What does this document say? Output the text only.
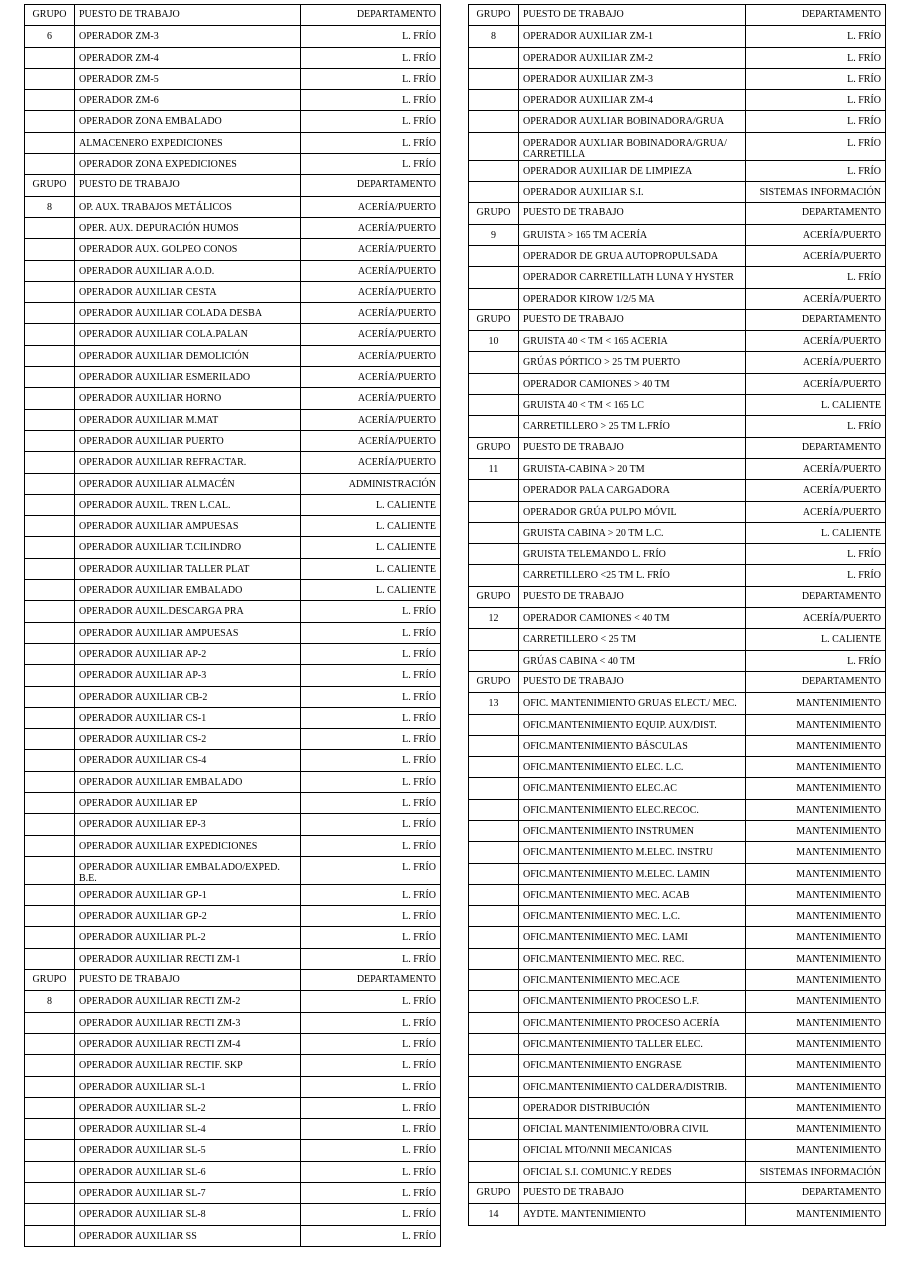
GRUPO	PUESTO DE TRABAJO	DEPARTAMENTO
6	OPERADOR ZM-3	L. FRÍO
	OPERADOR ZM-4	L. FRÍO
	OPERADOR ZM-5	L. FRÍO
	OPERADOR ZM-6	L. FRÍO
	OPERADOR ZONA EMBALADO	L. FRÍO
	ALMACENERO EXPEDICIONES	L. FRÍO
	OPERADOR ZONA EXPEDICIONES	L. FRÍO
GRUPO	PUESTO DE TRABAJO	DEPARTAMENTO
8	OP. AUX. TRABAJOS METÁLICOS	ACERÍA/PUERTO
	OPER. AUX. DEPURACIÓN HUMOS	ACERÍA/PUERTO
	OPERADOR AUX. GOLPEO CONOS	ACERÍA/PUERTO
	OPERADOR AUXILIAR A.O.D.	ACERÍA/PUERTO
	OPERADOR AUXILIAR CESTA	ACERÍA/PUERTO
	OPERADOR AUXILIAR COLADA DESBA	ACERÍA/PUERTO
	OPERADOR AUXILIAR COLA.PALAN	ACERÍA/PUERTO
	OPERADOR AUXILIAR DEMOLICIÓN	ACERÍA/PUERTO
	OPERADOR AUXILIAR ESMERILADO	ACERÍA/PUERTO
	OPERADOR AUXILIAR HORNO	ACERÍA/PUERTO
	OPERADOR AUXILIAR M.MAT	ACERÍA/PUERTO
	OPERADOR AUXILIAR PUERTO	ACERÍA/PUERTO
	OPERADOR AUXILIAR REFRACTAR.	ACERÍA/PUERTO
	OPERADOR AUXILIAR ALMACÉN	ADMINISTRACIÓN
	OPERADOR AUXIL. TREN L.CAL.	L. CALIENTE
	OPERADOR AUXILIAR AMPUESAS	L. CALIENTE
	OPERADOR AUXILIAR T.CILINDRO	L. CALIENTE
	OPERADOR AUXILIAR TALLER PLAT	L. CALIENTE
	OPERADOR AUXILIAR EMBALADO	L. CALIENTE
	OPERADOR AUXIL.DESCARGA PRA	L. FRÍO
	OPERADOR AUXILIAR AMPUESAS	L. FRÍO
	OPERADOR AUXILIAR AP-2	L. FRÍO
	OPERADOR AUXILIAR AP-3	L. FRÍO
	OPERADOR AUXILIAR CB-2	L. FRÍO
	OPERADOR AUXILIAR CS-1	L. FRÍO
	OPERADOR AUXILIAR CS-2	L. FRÍO
	OPERADOR AUXILIAR CS-4	L. FRÍO
	OPERADOR AUXILIAR EMBALADO	L. FRÍO
	OPERADOR AUXILIAR EP	L. FRÍO
	OPERADOR AUXILIAR EP-3	L. FRÍO
	OPERADOR AUXILIAR EXPEDICIONES	L. FRÍO
	OPERADOR AUXILIAR EMBALADO/EXPED. B.E.	L. FRÍO
	OPERADOR AUXILIAR GP-1	L. FRÍO
	OPERADOR AUXILIAR GP-2	L. FRÍO
	OPERADOR AUXILIAR PL-2	L. FRÍO
	OPERADOR AUXILIAR RECTI ZM-1	L. FRÍO
GRUPO	PUESTO DE TRABAJO	DEPARTAMENTO
8	OPERADOR AUXILIAR RECTI ZM-2	L. FRÍO
	OPERADOR AUXILIAR RECTI ZM-3	L. FRÍO
	OPERADOR AUXILIAR RECTI ZM-4	L. FRÍO
	OPERADOR AUXILIAR RECTIF. SKP	L. FRÍO
	OPERADOR AUXILIAR SL-1	L. FRÍO
	OPERADOR AUXILIAR SL-2	L. FRÍO
	OPERADOR AUXILIAR SL-4	L. FRÍO
	OPERADOR AUXILIAR SL-5	L. FRÍO
	OPERADOR AUXILIAR SL-6	L. FRÍO
	OPERADOR AUXILIAR SL-7	L. FRÍO
	OPERADOR AUXILIAR SL-8	L. FRÍO
	OPERADOR AUXILIAR SS	L. FRÍO
GRUPO	PUESTO DE TRABAJO	DEPARTAMENTO
8	OPERADOR AUXILIAR ZM-1	L. FRÍO
	OPERADOR AUXILIAR ZM-2	L. FRÍO
	OPERADOR AUXILIAR ZM-3	L. FRÍO
	OPERADOR AUXILIAR ZM-4	L. FRÍO
	OPERADOR AUXLIAR BOBINADORA/GRUA	L. FRÍO
	OPERADOR AUXLIAR BOBINADORA/GRUA/ CARRETILLA	L. FRÍO
	OPERADOR AUXILIAR DE LIMPIEZA	L. FRÍO
	OPERADOR AUXILIAR S.I.	SISTEMAS INFORMACIÓN
GRUPO	PUESTO DE TRABAJO	DEPARTAMENTO
9	GRUISTA > 165 TM ACERÍA	ACERÍA/PUERTO
	OPERADOR DE GRUA AUTOPROPULSADA	ACERÍA/PUERTO
	OPERADOR CARRETILLATH LUNA Y HYSTER	L. FRÍO
	OPERADOR KIROW 1/2/5 MA	ACERÍA/PUERTO
GRUPO	PUESTO DE TRABAJO	DEPARTAMENTO
10	GRUISTA 40 < TM < 165 ACERIA	ACERÍA/PUERTO
	GRÚAS PÓRTICO > 25 TM PUERTO	ACERÍA/PUERTO
	OPERADOR CAMIONES > 40 TM	ACERÍA/PUERTO
	GRUISTA 40 < TM < 165 LC	L. CALIENTE
	CARRETILLERO > 25 TM L.FRÍO	L. FRÍO
GRUPO	PUESTO DE TRABAJO	DEPARTAMENTO
11	GRUISTA-CABINA > 20 TM	ACERÍA/PUERTO
	OPERADOR PALA CARGADORA	ACERÍA/PUERTO
	OPERADOR GRÚA PULPO MÓVIL	ACERÍA/PUERTO
	GRUISTA CABINA > 20 TM L.C.	L. CALIENTE
	GRUISTA TELEMANDO L. FRÍO	L. FRÍO
	CARRETILLERO <25 TM L. FRÍO	L. FRÍO
GRUPO	PUESTO DE TRABAJO	DEPARTAMENTO
12	OPERADOR CAMIONES < 40 TM	ACERÍA/PUERTO
	CARRETILLERO < 25 TM	L. CALIENTE
	GRÚAS CABINA < 40 TM	L. FRÍO
GRUPO	PUESTO DE TRABAJO	DEPARTAMENTO
13	OFIC. MANTENIMIENTO GRUAS ELECT./ MEC.	MANTENIMIENTO
	OFIC.MANTENIMIENTO EQUIP. AUX/DIST.	MANTENIMIENTO
	OFIC.MANTENIMIENTO BÁSCULAS	MANTENIMIENTO
	OFIC.MANTENIMIENTO ELEC. L.C.	MANTENIMIENTO
	OFIC.MANTENIMIENTO ELEC.AC	MANTENIMIENTO
	OFIC.MANTENIMIENTO ELEC.RECOC.	MANTENIMIENTO
	OFIC.MANTENIMIENTO INSTRUMEN	MANTENIMIENTO
	OFIC.MANTENIMIENTO M.ELEC. INSTRU	MANTENIMIENTO
	OFIC.MANTENIMIENTO M.ELEC. LAMIN	MANTENIMIENTO
	OFIC.MANTENIMIENTO MEC. ACAB	MANTENIMIENTO
	OFIC.MANTENIMIENTO MEC. L.C.	MANTENIMIENTO
	OFIC.MANTENIMIENTO MEC. LAMI	MANTENIMIENTO
	OFIC.MANTENIMIENTO MEC. REC.	MANTENIMIENTO
	OFIC.MANTENIMIENTO MEC.ACE	MANTENIMIENTO
	OFIC.MANTENIMIENTO PROCESO L.F.	MANTENIMIENTO
	OFIC.MANTENIMIENTO PROCESO ACERÍA	MANTENIMIENTO
	OFIC.MANTENIMIENTO TALLER ELEC.	MANTENIMIENTO
	OFIC.MANTENIMIENTO ENGRASE	MANTENIMIENTO
	OFIC.MANTENIMIENTO CALDERA/DISTRIB.	MANTENIMIENTO
	OPERADOR DISTRIBUCIÓN	MANTENIMIENTO
	OFICIAL MANTENIMIENTO/OBRA CIVIL	MANTENIMIENTO
	OFICIAL MTO/NNII MECANICAS	MANTENIMIENTO
	OFICIAL S.I. COMUNIC.Y REDES	SISTEMAS INFORMACIÓN
GRUPO	PUESTO DE TRABAJO	DEPARTAMENTO
14	AYDTE. MANTENIMIENTO	MANTENIMIENTO
